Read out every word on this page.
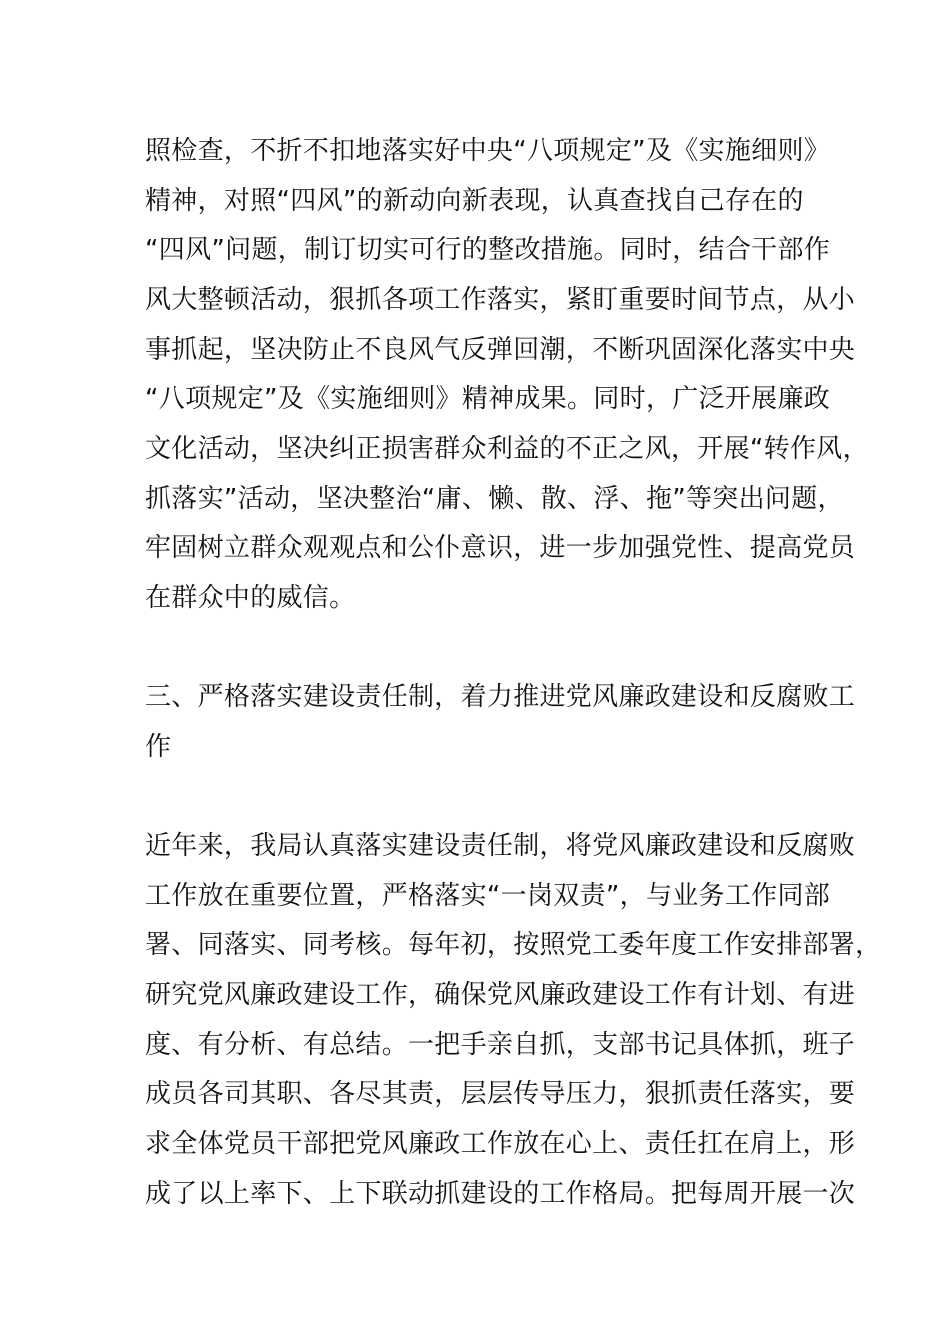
照检查，不折不扣地落实好中央“八项规定”及《实施细则》
精神，对照“四风”的新动向新表现，认真查找自己存在的
“四风”问题，制订切实可行的整改措施。同时，结合干部作
风大整顿活动，狠抓各项工作落实，紧盯重要时间节点，从小
事抓起，坚决防止不良风气反弹回潮，不断巩固深化落实中央
“八项规定”及《实施细则》精神成果。同时，广泛开展廉政
文化活动，坚决纠正损害群众利益的不正之风，开展“转作风，
抓落实”活动，坚决整治“庸、懒、散、浮、拖”等突出问题，
牢固树立群众观观点和公仆意识，进一步加强党性、提高党员
在群众中的威信。
三、严格落实建设责任制，着力推进党风廉政建设和反腐败工
作
近年来，我局认真落实建设责任制，将党风廉政建设和反腐败
工作放在重要位置，严格落实“一岗双责”，与业务工作同部
署、同落实、同考核。每年初，按照党工委年度工作安排部署，
研究党风廉政建设工作，确保党风廉政建设工作有计划、有进
度、有分析、有总结。一把手亲自抓，支部书记具体抓，班子
成员各司其职、各尽其责，层层传导压力，狠抓责任落实，要
求全体党员干部把党风廉政工作放在心上、责任扛在肩上，形
成了以上率下、上下联动抓建设的工作格局。把每周开展一次
